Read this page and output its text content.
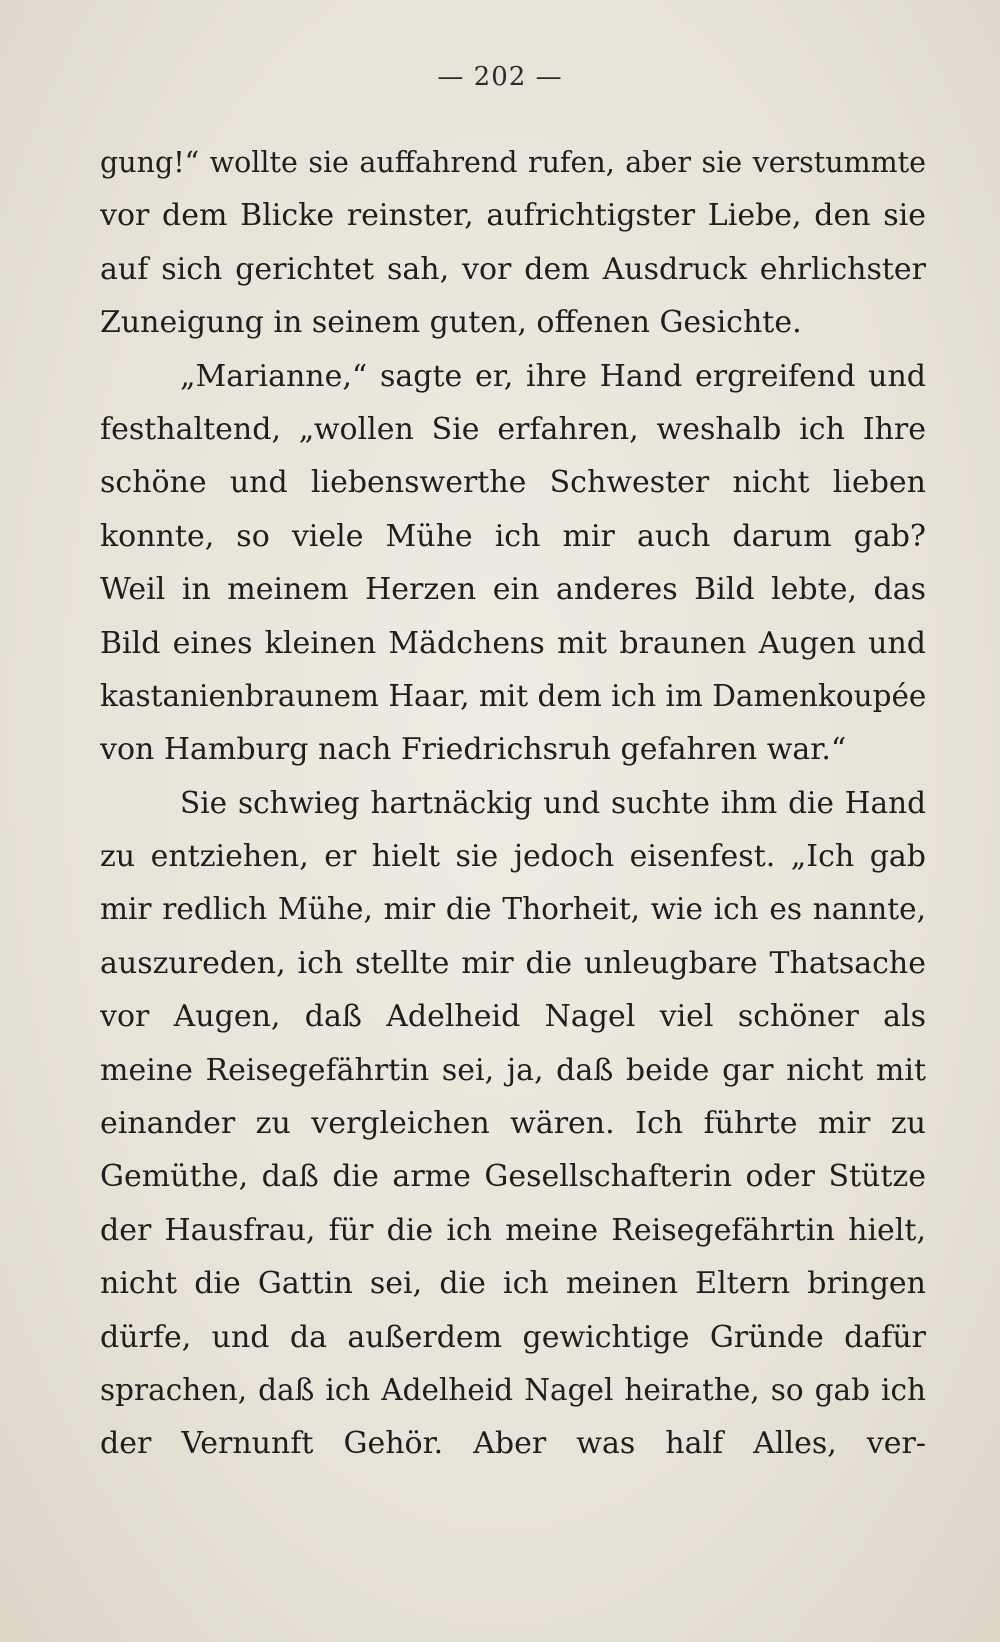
— 202 —
gung!“ wollte sie auffahrend rufen, aber sie verstummte
vor dem Blicke reinster, aufrichtigster Liebe, den sie
auf sich gerichtet sah, vor dem Ausdruck ehrlichster
Zuneigung in seinem guten, offenen Gesichte.
„Marianne,“ sagte er, ihre Hand ergreifend und
festhaltend, „wollen Sie erfahren, weshalb ich Ihre
schöne und liebenswerthe Schwester nicht lieben
konnte, so viele Mühe ich mir auch darum gab?
Weil in meinem Herzen ein anderes Bild lebte, das
Bild eines kleinen Mädchens mit braunen Augen und
kastanienbraunem Haar, mit dem ich im Damenkoupée
von Hamburg nach Friedrichsruh gefahren war.“
Sie schwieg hartnäckig und suchte ihm die Hand
zu entziehen, er hielt sie jedoch eisenfest. „Ich gab
mir redlich Mühe, mir die Thorheit, wie ich es nannte,
auszureden, ich stellte mir die unleugbare Thatsache
vor Augen, daß Adelheid Nagel viel schöner als
meine Reisegefährtin sei, ja, daß beide gar nicht mit
einander zu vergleichen wären. Ich führte mir zu
Gemüthe, daß die arme Gesellschafterin oder Stütze
der Hausfrau, für die ich meine Reisegefährtin hielt,
nicht die Gattin sei, die ich meinen Eltern bringen
dürfe, und da außerdem gewichtige Gründe dafür
sprachen, daß ich Adelheid Nagel heirathe, so gab ich
der Vernunft Gehör. Aber was half Alles, ver-
